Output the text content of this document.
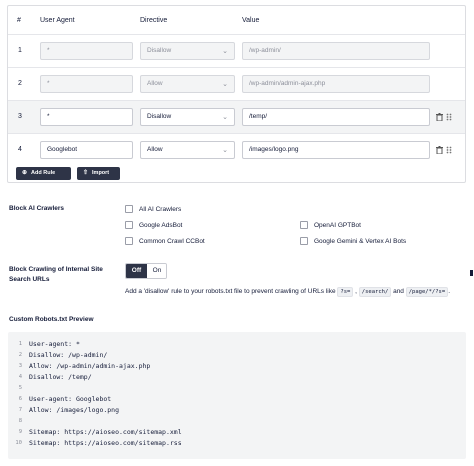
#	User Agent	Directive	Value
1	*	Disallow	⌄	/wp-admin/
2	*	Allow	⌄	/wp-admin/admin-ajax.php
3	*	Disallow	⌄	/temp/
4	Googlebot	Allow	⌄	/images/logo.png
⊕ Add Rule	⇧ Import
Block AI Crawlers	All AI Crawlers
Google AdsBot	OpenAI GPTBot
Common Crawl CCBot	Google Gemini & Vertex AI Bots
Block Crawling of Internal Site
Search URLs
Off	On
Add a 'disallow' rule to your robots.txt file to prevent crawling of URLs like ?s= , /search/ and /page/*/?s= .
Custom Robots.txt Preview
1 User-agent: *
2 Disallow: /wp-admin/
3 Allow: /wp-admin/admin-ajax.php
4 Disallow: /temp/
5
6 User-agent: Googlebot
7 Allow: /images/logo.png
8
9 Sitemap: https://aioseo.com/sitemap.xml
10 Sitemap: https://aioseo.com/sitemap.rss
